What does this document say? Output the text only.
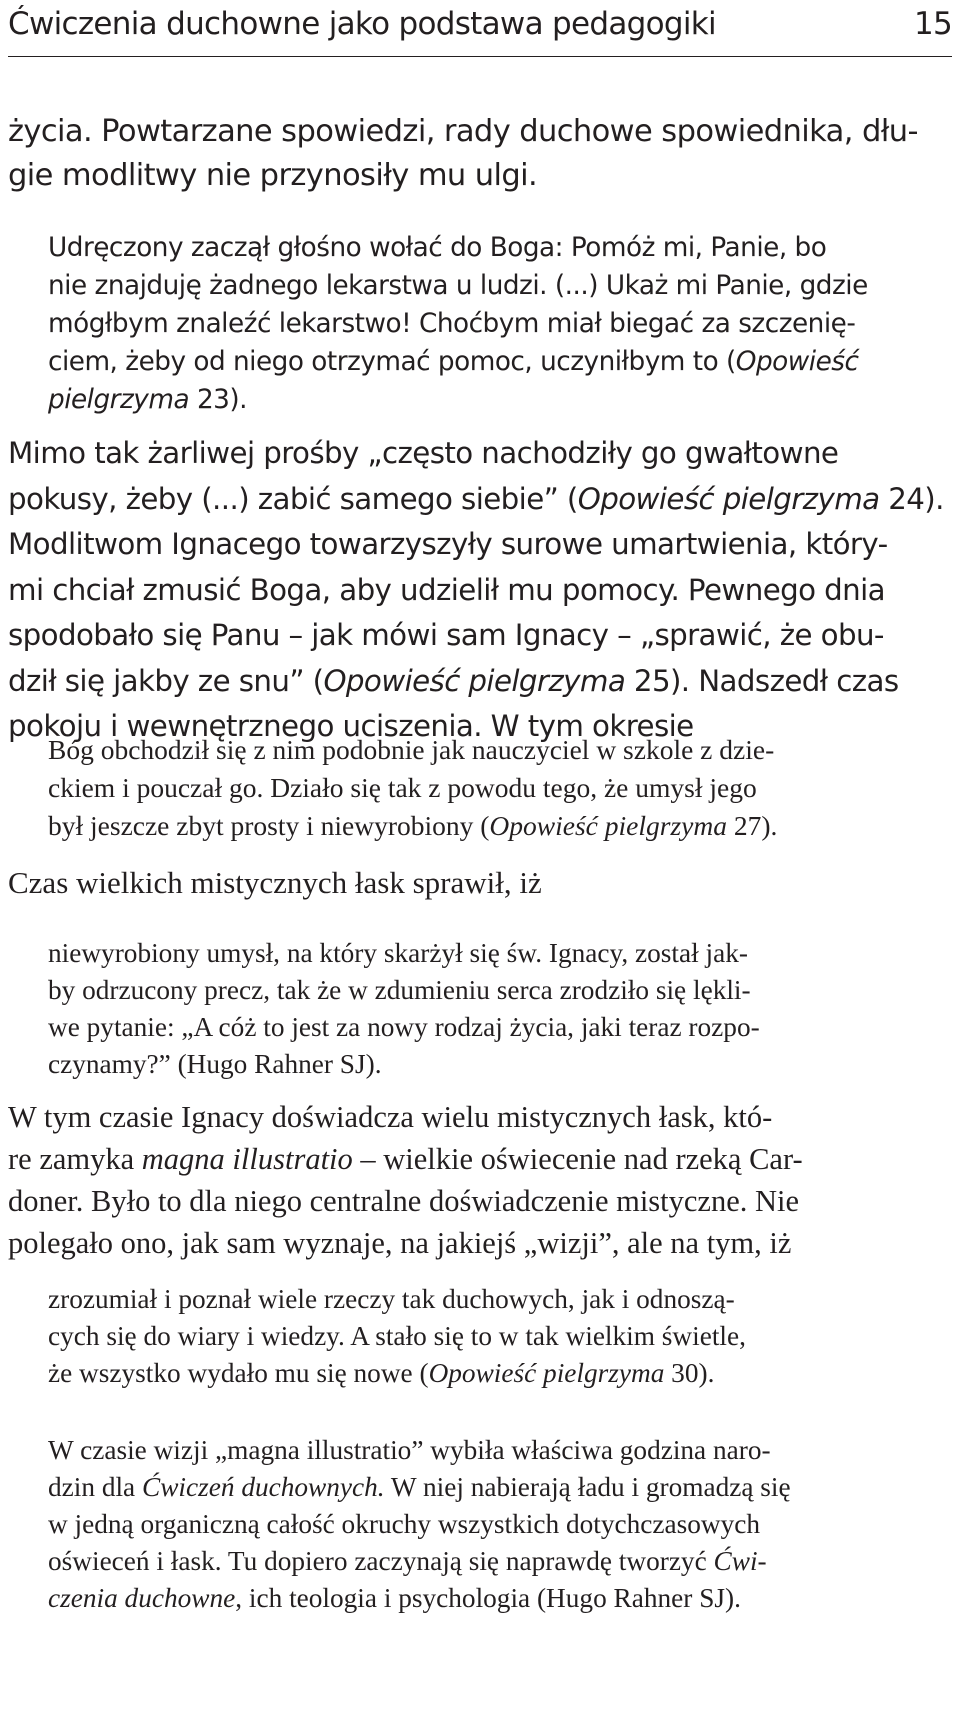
Ćwiczenia duchowne jako podstawa pedagogiki	15
życia. Powtarzane spowiedzi, rady duchowe spowiednika, dłu-
gie modlitwy nie przynosiły mu ulgi.
Udręczony zaczął głośno wołać do Boga: Pomóż mi, Panie, bo
nie znajduję żadnego lekarstwa u ludzi. (...) Ukaż mi Panie, gdzie
mógłbym znaleźć lekarstwo! Choćbym miał biegać za szczenię-
ciem, żeby od niego otrzymać pomoc, uczyniłbym to (Opowieść
pielgrzyma 23).
Mimo tak żarliwej prośby „często nachodziły go gwałtowne
pokusy, żeby (...) zabić samego siebie” (Opowieść pielgrzyma 24).
Modlitwom Ignacego towarzyszyły surowe umartwienia, który-
mi chciał zmusić Boga, aby udzielił mu pomocy. Pewnego dnia
spodobało się Panu – jak mówi sam Ignacy – „sprawić, że obu-
dził się jakby ze snu” (Opowieść pielgrzyma 25). Nadszedł czas
pokoju i wewnętrznego uciszenia. W tym okresie
Bóg obchodził się z nim podobnie jak nauczyciel w szkole z dzie-
ckiem i pouczał go. Działo się tak z powodu tego, że umysł jego
był jeszcze zbyt prosty i niewyrobiony (Opowieść pielgrzyma 27).
Czas wielkich mistycznych łask sprawił, iż
niewyrobiony umysł, na który skarżył się św. Ignacy, został jak-
by odrzucony precz, tak że w zdumieniu serca zrodziło się lękli-
we pytanie: „A cóż to jest za nowy rodzaj życia, jaki teraz rozpo-
czynamy?” (Hugo Rahner SJ).
W tym czasie Ignacy doświadcza wielu mistycznych łask, któ-
re zamyka magna illustratio – wielkie oświecenie nad rzeką Car-
doner. Było to dla niego centralne doświadczenie mistyczne. Nie
polegało ono, jak sam wyznaje, na jakiejś „wizji”, ale na tym, iż
zrozumiał i poznał wiele rzeczy tak duchowych, jak i odnoszą-
cych się do wiary i wiedzy. A stało się to w tak wielkim świetle,
że wszystko wydało mu się nowe (Opowieść pielgrzyma 30).
W czasie wizji „magna illustratio” wybiła właściwa godzina naro-
dzin dla Ćwiczeń duchownych. W niej nabierają ładu i gromadzą się
w jedną organiczną całość okruchy wszystkich dotychczasowych
oświeceń i łask. Tu dopiero zaczynają się naprawdę tworzyć Ćwi-
czenia duchowne, ich teologia i psychologia (Hugo Rahner SJ).
